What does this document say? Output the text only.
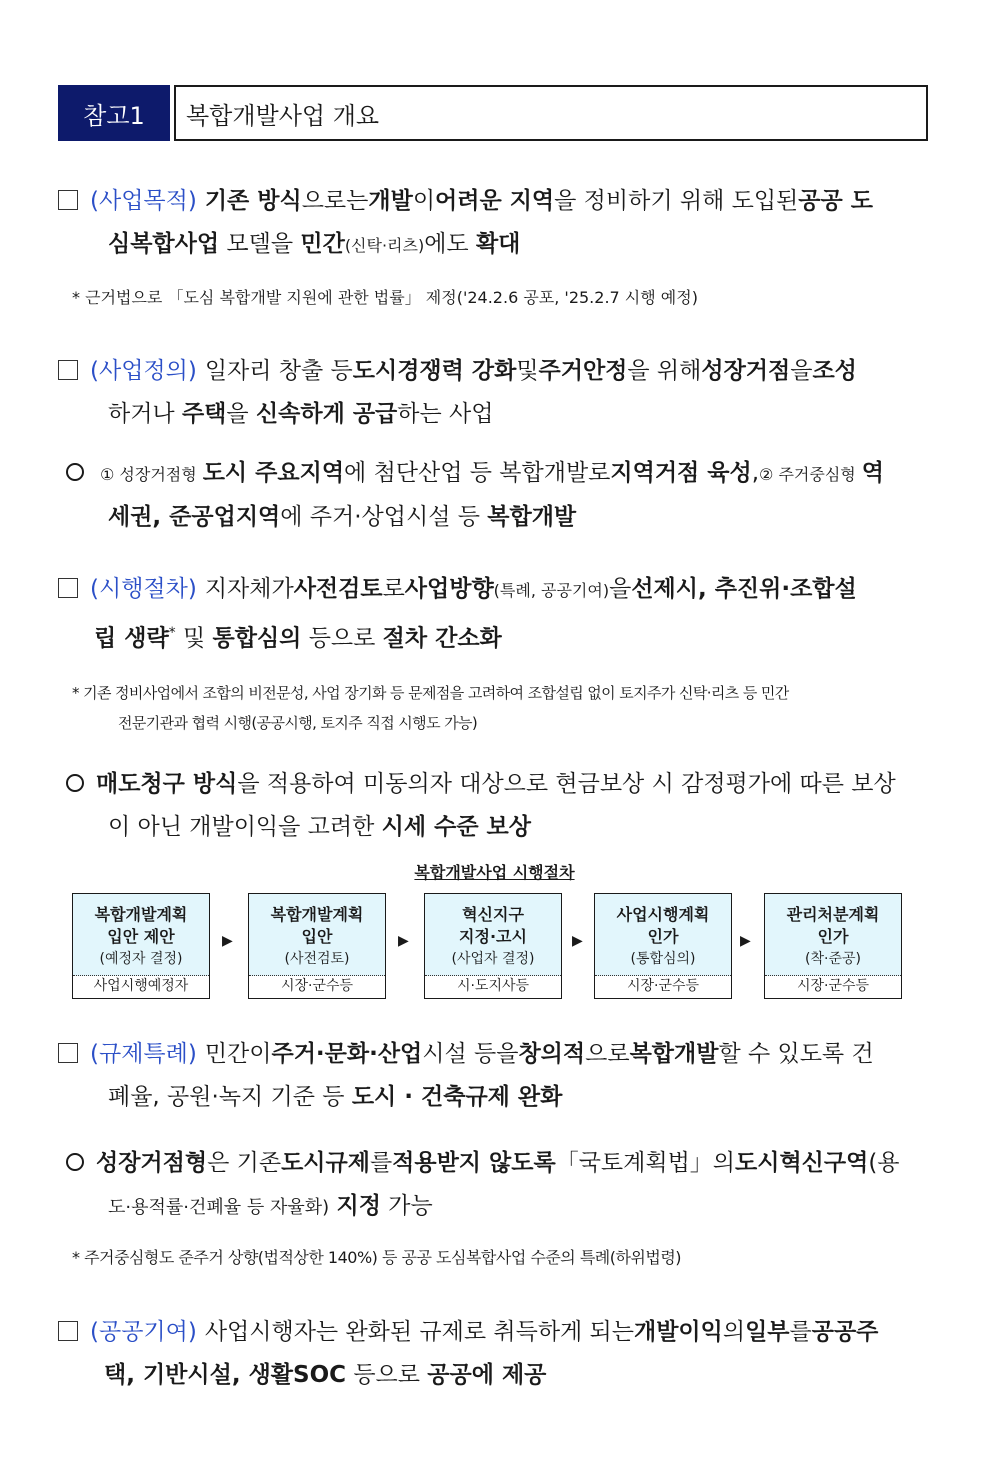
참고1	복합개발사업 개요
(사업목적) 기존 방식 으로는 개발 이 어려운 지역 을 정비하기 위해 도입된 공공 도
심복합사업 모델을 민간(신탁·리츠)에도 확대
* 근거법으로 「도심 복합개발 지원에 관한 법률」 제정('24.2.6 공포, '25.2.7 시행 예정)
(사업정의) 일자리 창출 등 도시경쟁력 강화 및 주거안정 을 위해 성장거점 을 조성
하거나 주택을 신속하게 공급하는 사업
① 성장거점형 도시 주요지역 에 첨단산업 등 복합개발로 지역거점 육성 , ② 주거중심형 역
세권, 준공업지역에 주거·상업시설 등 복합개발
(시행절차) 지자체가 사전검토 로 사업방향 (특례, 공공기여) 을 선제시, 추진위·조합설
립 생략* 및 통합심의 등으로 절차 간소화
* 기존 정비사업에서 조합의 비전문성, 사업 장기화 등 문제점을 고려하여 조합설립 없이 토지주가 신탁·리츠 등 민간
전문기관과 협력 시행(공공시행, 토지주 직접 시행도 가능)
매도청구 방식 을 적용하여 미동의자 대상으로 현금보상 시 감정평가에 따른 보상
이 아닌 개발이익을 고려한 시세 수준 보상
복합개발사업 시행절차
복합개발계획
입안 제안
(예정자 결정)
사업시행예정자
▶
복합개발계획
입안
(사전검토)
시장·군수등
▶
혁신지구
지정·고시
(사업자 결정)
시·도지사등
▶
사업시행계획
인가
(통합심의)
시장·군수등
▶
관리처분계획
인가
(착·준공)
시장·군수등
(규제특례) 민간이 주거·문화·산업 시설 등을 창의적 으로 복합개발 할 수 있도록 건
폐율, 공원·녹지 기준 등 도시 · 건축규제 완화
성장거점형 은 기존 도시규제 를 적용받지 않도록 「국토계획법」의 도시혁신구역 (용
도·용적률·건폐율 등 자율화) 지정 가능
* 주거중심형도 준주거 상향(법적상한 140%) 등 공공 도심복합사업 수준의 특례(하위법령)
(공공기여) 사업시행자는 완화된 규제로 취득하게 되는 개발이익 의 일부 를 공공주
택, 기반시설, 생활SOC 등으로 공공에 제공
